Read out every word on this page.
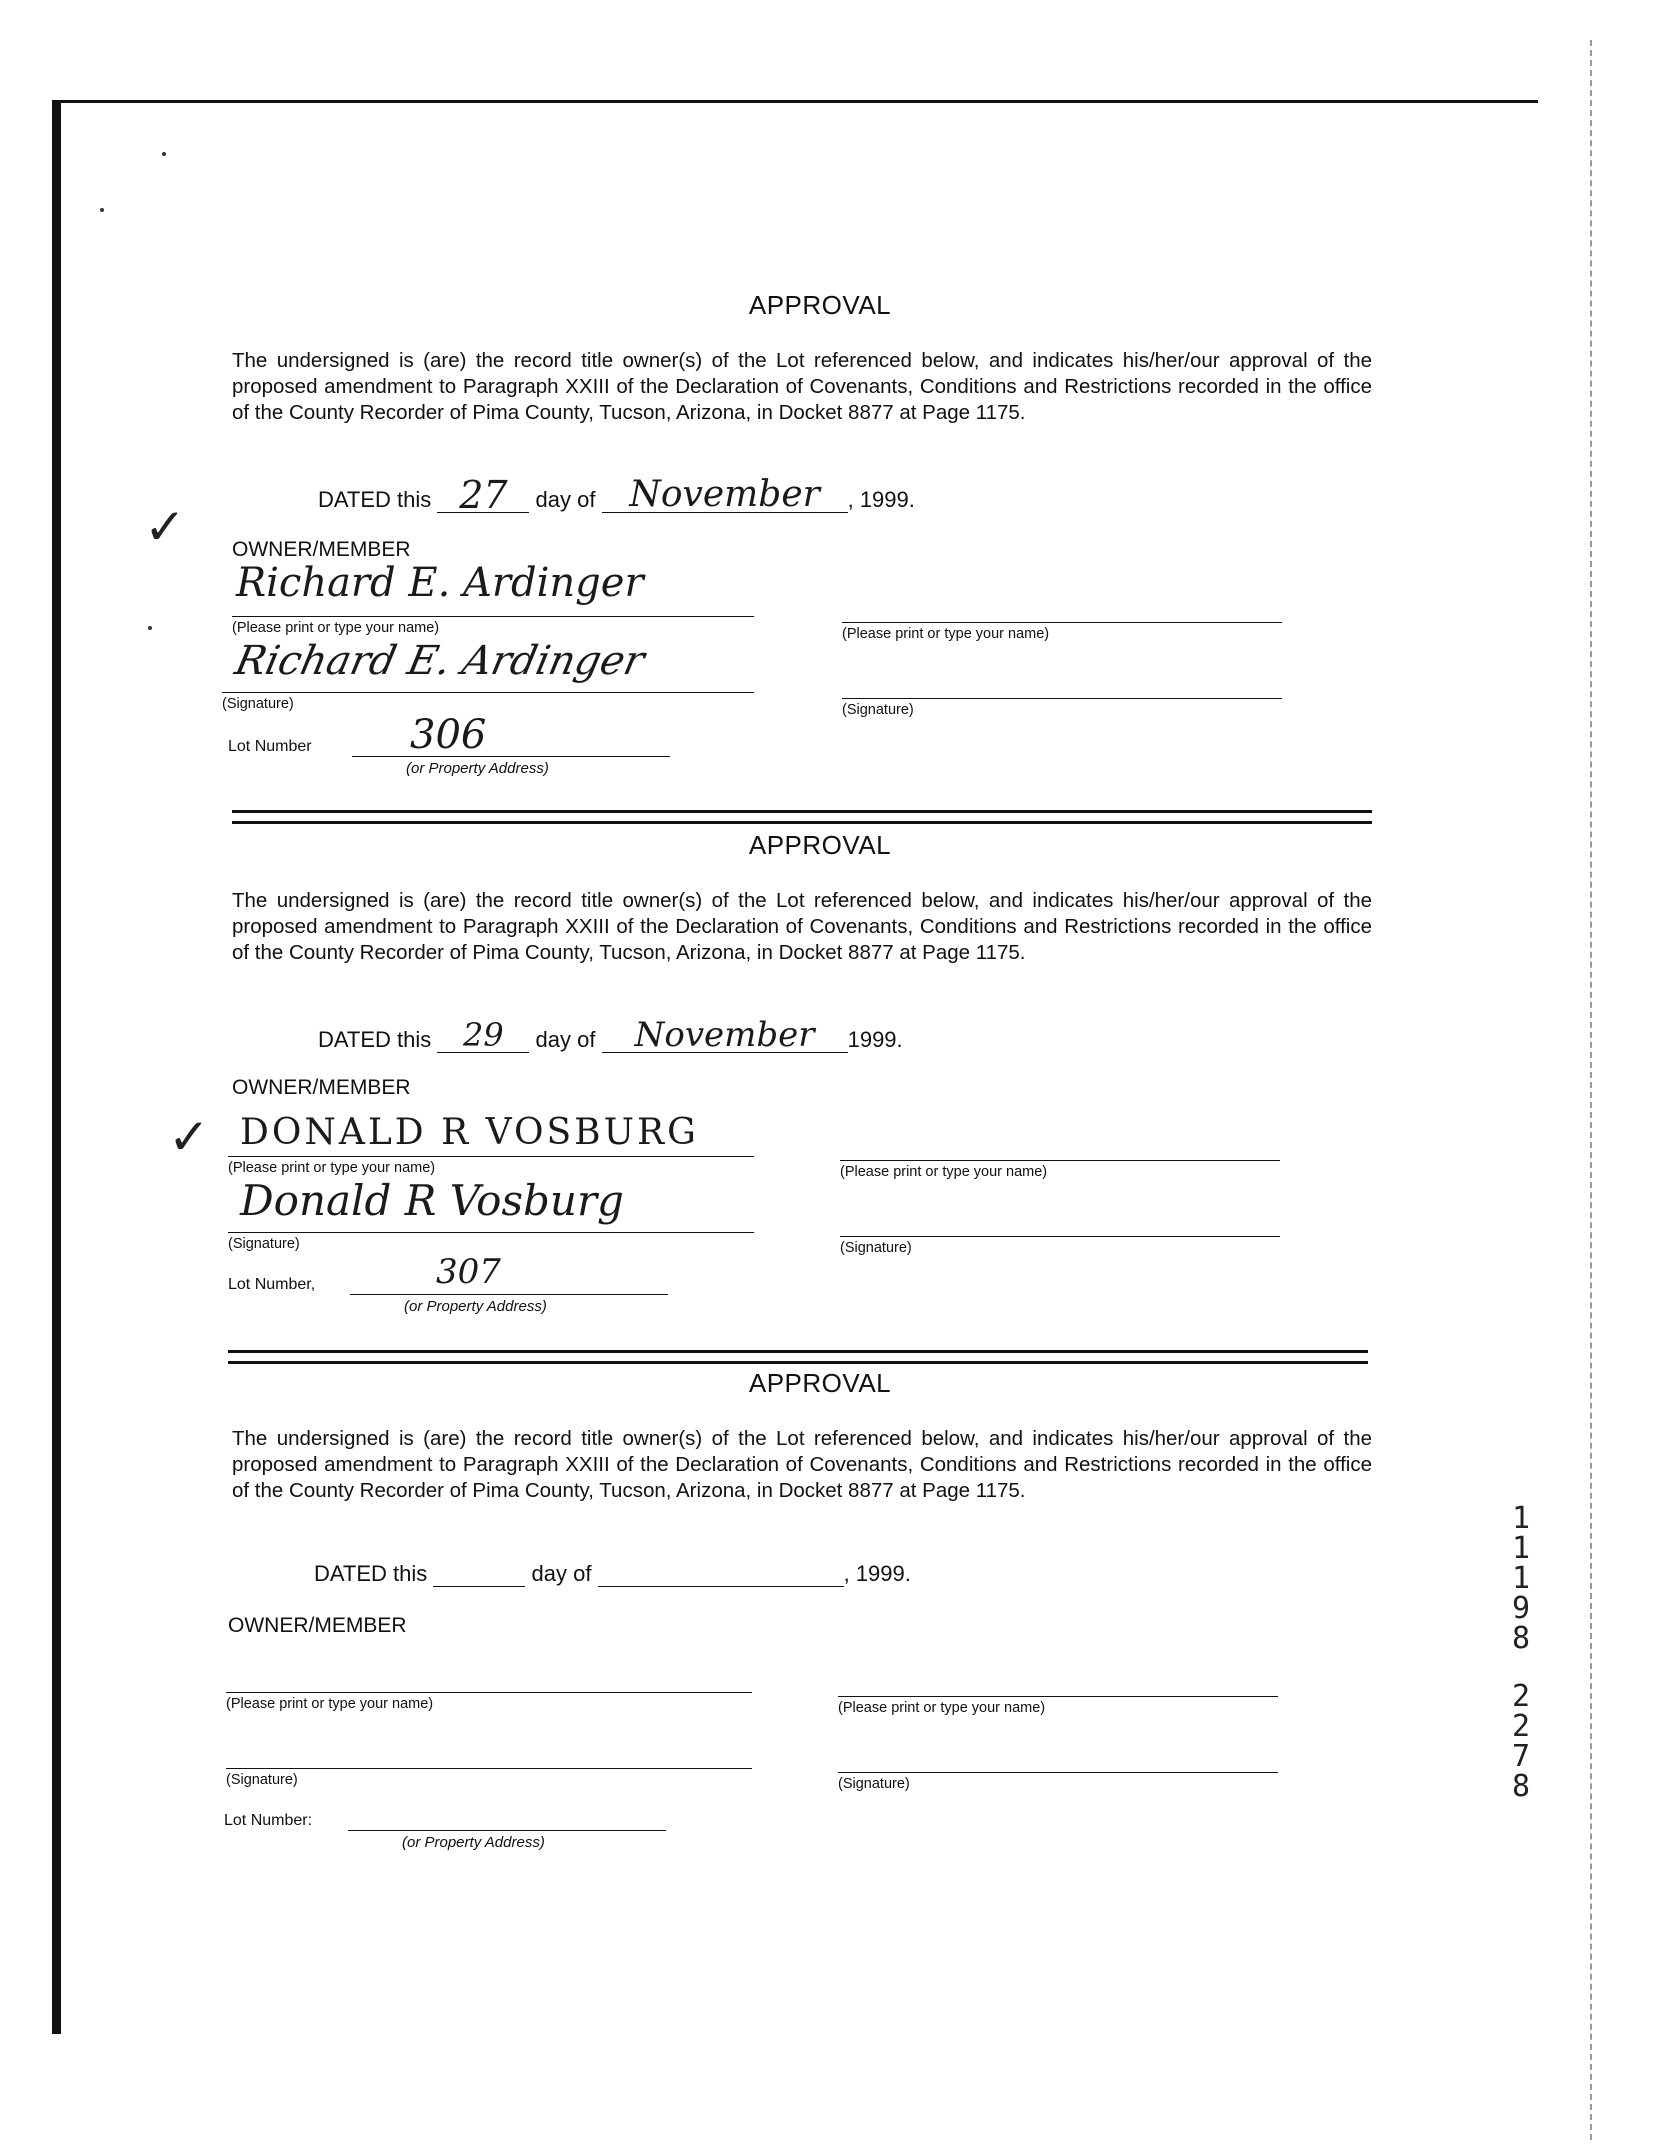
APPROVAL
The undersigned is (are) the record title owner(s) of the Lot referenced below, and indicates his/her/our approval of the proposed amendment to Paragraph XXIII of the Declaration of Covenants, Conditions and Restrictions recorded in the office of the County Recorder of Pima County, Tucson, Arizona, in Docket 8877 at Page 1175.
DATED this 27 day of November , 1999.
✓ OWNER/MEMBER
Richard E. Ardinger
(Please print or type your name)	(Please print or type your name)
Richard E. Ardinger
(Signature)	(Signature)
Lot Number 306
(or Property Address)
APPROVAL
The undersigned is (are) the record title owner(s) of the Lot referenced below, and indicates his/her/our approval of the proposed amendment to Paragraph XXIII of the Declaration of Covenants, Conditions and Restrictions recorded in the office of the County Recorder of Pima County, Tucson, Arizona, in Docket 8877 at Page 1175.
DATED this 29 day of November 1999.
OWNER/MEMBER
✓ DONALD R VOSBURG
(Please print or type your name)	(Please print or type your name)
Donald R Vosburg
(Signature)	(Signature)
Lot Number,	307
(or Property Address)
APPROVAL
The undersigned is (are) the record title owner(s) of the Lot referenced below, and indicates his/her/our approval of the proposed amendment to Paragraph XXIII of the Declaration of Covenants, Conditions and Restrictions recorded in the office of the County Recorder of Pima County, Tucson, Arizona, in Docket 8877 at Page 1175.
DATED this	day of	, 1999.
OWNER/MEMBER
(Please print or type your name)	(Please print or type your name)
(Signature)	(Signature)
Lot Number:
(or Property Address)
1
1
1
9
8
2
2
7
8
